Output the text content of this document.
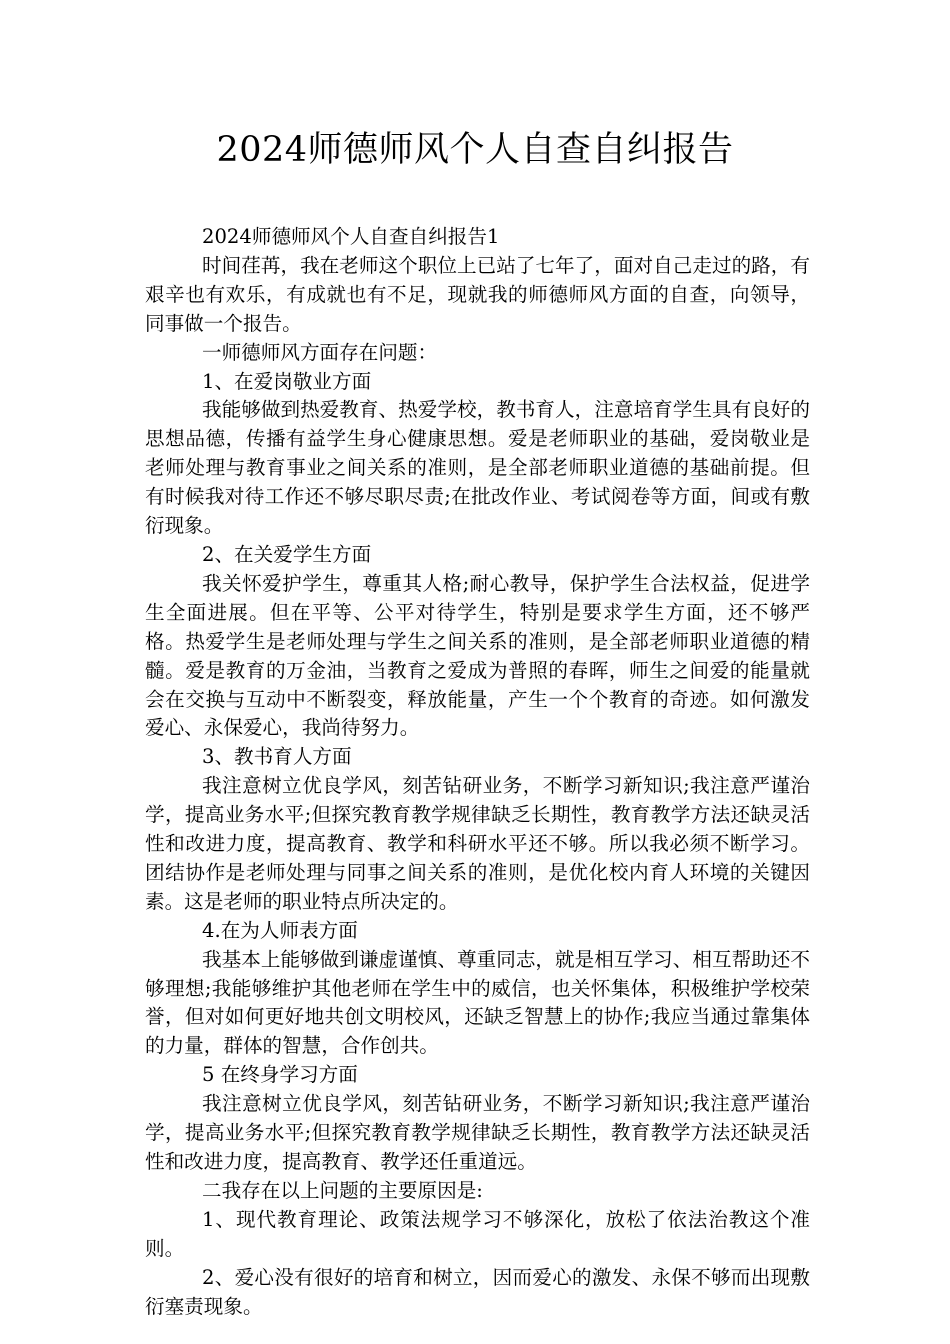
2024师德师风个人自查自纠报告

2024师德师风个人自查自纠报告1

时间荏苒，我在老师这个职位上已站了七年了，面对自己走过的路，有艰辛也有欢乐，有成就也有不足，现就我的师德师风方面的自查，向领导，同事做一个报告。

一师德师风方面存在问题：

1、在爱岗敬业方面

我能够做到热爱教育、热爱学校，教书育人，注意培育学生具有良好的思想品德，传播有益学生身心健康思想。爱是老师职业的基础，爱岗敬业是老师处理与教育事业之间关系的准则，是全部老师职业道德的基础前提。但有时候我对待工作还不够尽职尽责;在批改作业、考试阅卷等方面，间或有敷衍现象。

2、在关爱学生方面

我关怀爱护学生，尊重其人格;耐心教导，保护学生合法权益，促进学生全面进展。但在平等、公平对待学生，特别是要求学生方面，还不够严格。热爱学生是老师处理与学生之间关系的准则，是全部老师职业道德的精髓。爱是教育的万金油，当教育之爱成为普照的春晖，师生之间爱的能量就会在交换与互动中不断裂变，释放能量，产生一个个教育的奇迹。如何激发爱心、永保爱心，我尚待努力。

3、教书育人方面

我注意树立优良学风，刻苦钻研业务，不断学习新知识;我注意严谨治学，提高业务水平;但探究教育教学规律缺乏长期性，教育教学方法还缺灵活性和改进力度，提高教育、教学和科研水平还不够。所以我必须不断学习。团结协作是老师处理与同事之间关系的准则，是优化校内育人环境的关键因素。这是老师的职业特点所决定的。

4.在为人师表方面

我基本上能够做到谦虚谨慎、尊重同志，就是相互学习、相互帮助还不够理想;我能够维护其他老师在学生中的威信，也关怀集体，积极维护学校荣誉，但对如何更好地共创文明校风，还缺乏智慧上的协作;我应当通过靠集体的力量，群体的智慧，合作创共。

5 在终身学习方面

我注意树立优良学风，刻苦钻研业务，不断学习新知识;我注意严谨治学，提高业务水平;但探究教育教学规律缺乏长期性，教育教学方法还缺灵活性和改进力度，提高教育、教学还任重道远。

二我存在以上问题的主要原因是:

1、现代教育理论、政策法规学习不够深化，放松了依法治教这个准则。

2、爱心没有很好的培育和树立，因而爱心的激发、永保不够而出现敷衍塞责现象。
